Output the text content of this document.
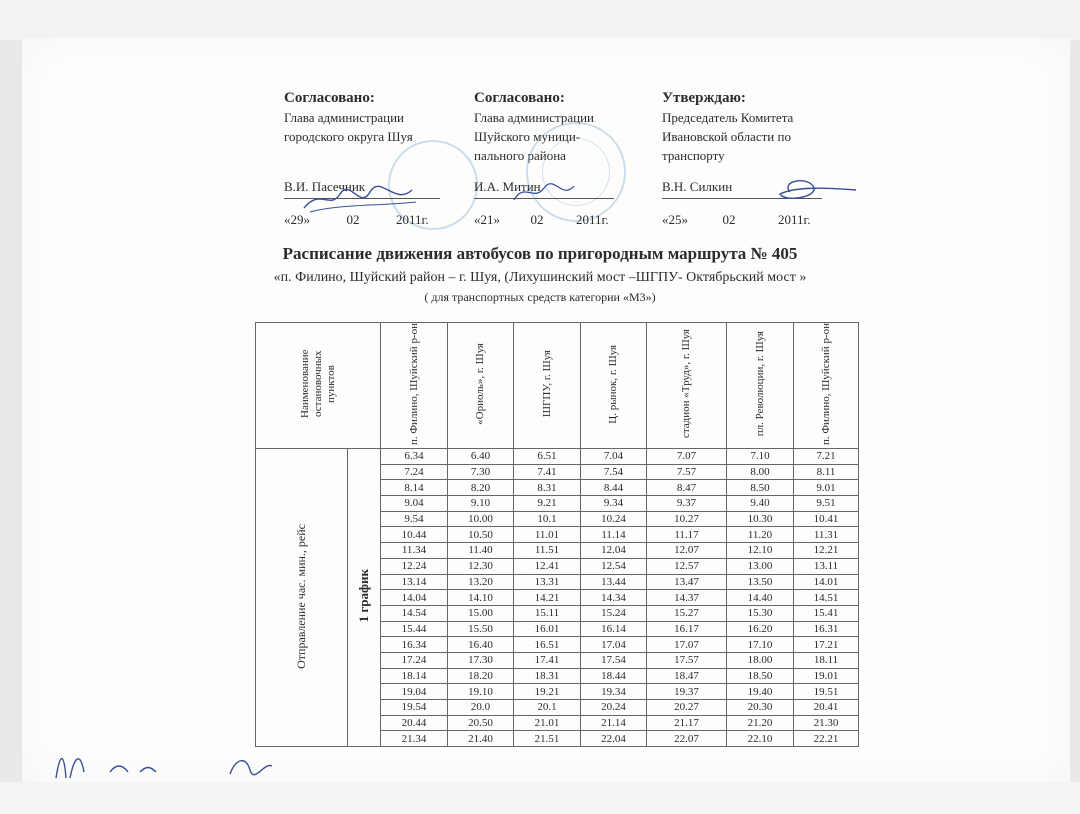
Согласовано:
Глава администрации
городского округа Шуя
Согласовано:
Глава администрации
Шуйского муници-
пального района
Утверждаю:
Председатель Комитета
Ивановской области по
транспорту
В.И. Пасечник	И.А. Митин	В.Н. Силкин
«29»	02	2011г.	«21» 02	2011г.	«25»	02	2011г.
Расписание движения автобусов по пригородным маршрута № 405
«п. Филино, Шуйский район – г. Шуя, (Лихушинский мост –ШГПУ- Октябрьский мост »
( для транспортных средств категории «М3»)
Наименование остановочных пунктов		п. Филино, Шуйский р-он	«Ориоль», г. Шуя	ШГПУ, г. Шуя	Ц. рынок, г. Шуя	стадион «Труд», г. Шуя	пл. Революции, г. Шуя	п. Филино, Шуйский р-он
Отправление час. мин., рейс	1 график	6.34	6.40	6.51	7.04	7.07	7.10	7.21
		7.24	7.30	7.41	7.54	7.57	8.00	8.11
		8.14	8.20	8.31	8.44	8.47	8.50	9.01
		9.04	9.10	9.21	9.34	9.37	9.40	9.51
		9.54	10.00	10.1	10.24	10.27	10.30	10.41
		10.44	10.50	11.01	11.14	11.17	11.20	11.31
		11.34	11.40	11.51	12.04	12.07	12.10	12.21
		12.24	12.30	12.41	12.54	12.57	13.00	13.11
		13.14	13.20	13.31	13.44	13.47	13.50	14.01
		14.04	14.10	14.21	14.34	14.37	14.40	14.51
		14.54	15.00	15.11	15.24	15.27	15.30	15.41
		15.44	15.50	16.01	16.14	16.17	16.20	16.31
		16.34	16.40	16.51	17.04	17.07	17.10	17.21
		17.24	17.30	17.41	17.54	17.57	18.00	18.11
		18.14	18.20	18.31	18.44	18.47	18.50	19.01
		19.04	19.10	19.21	19.34	19.37	19.40	19.51
		19.54	20.0	20.1	20.24	20.27	20.30	20.41
		20.44	20.50	21.01	21.14	21.17	21.20	21.30
		21.34	21.40	21.51	22.04	22.07	22.10	22.21
